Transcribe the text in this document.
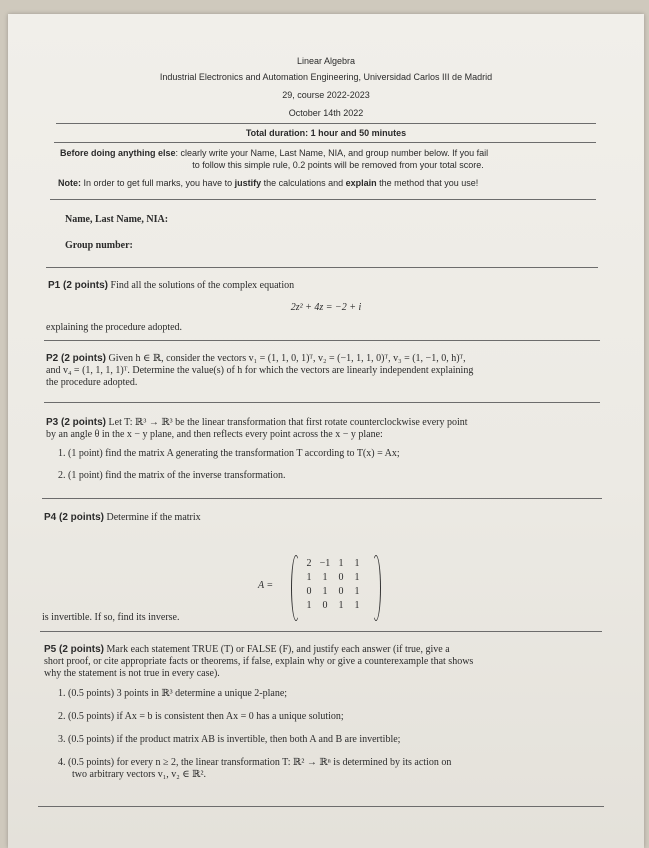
Linear Algebra
Industrial Electronics and Automation Engineering, Universidad Carlos III de Madrid
29, course 2022-2023
October 14th 2022
Total duration: 1 hour and 50 minutes
Before doing anything else: clearly write your Name, Last Name, NIA, and group number below. If you fail
to follow this simple rule, 0.2 points will be removed from your total score.
Note: In order to get full marks, you have to justify the calculations and explain the method that you use!
Name, Last Name, NIA:
Group number:
P1 (2 points) Find all the solutions of the complex equation
2z² + 4z = −2 + i
explaining the procedure adopted.
P2 (2 points) Given h ∈ ℝ, consider the vectors v₁ = (1, 1, 0, 1)ᵀ, v₂ = (−1, 1, 1, 0)ᵀ, v₃ = (1, −1, 0, h)ᵀ,
and v₄ = (1, 1, 1, 1)ᵀ. Determine the value(s) of h for which the vectors are linearly independent explaining
the procedure adopted.
P3 (2 points) Let T: ℝ³ → ℝ³ be the linear transformation that first rotate counterclockwise every point
by an angle θ in the x − y plane, and then reflects every point across the x − y plane:
1. (1 point) find the matrix A generating the transformation T according to T(x) = Ax;
2. (1 point) find the matrix of the inverse transformation.
P4 (2 points) Determine if the matrix
A =
2 −1 1	1
1	1	0	1
0	1	0	1
1	0	1	1
is invertible. If so, find its inverse.
P5 (2 points) Mark each statement TRUE (T) or FALSE (F), and justify each answer (if true, give a
short proof, or cite appropriate facts or theorems, if false, explain why or give a counterexample that shows
why the statement is not true in every case).
1. (0.5 points) 3 points in ℝ³ determine a unique 2-plane;
2. (0.5 points) if Ax = b is consistent then Ax = 0 has a unique solution;
3. (0.5 points) if the product matrix AB is invertible, then both A and B are invertible;
4. (0.5 points) for every n ≥ 2, the linear transformation T: ℝ² → ℝⁿ is determined by its action on
two arbitrary vectors v₁, v₂ ∈ ℝ².
